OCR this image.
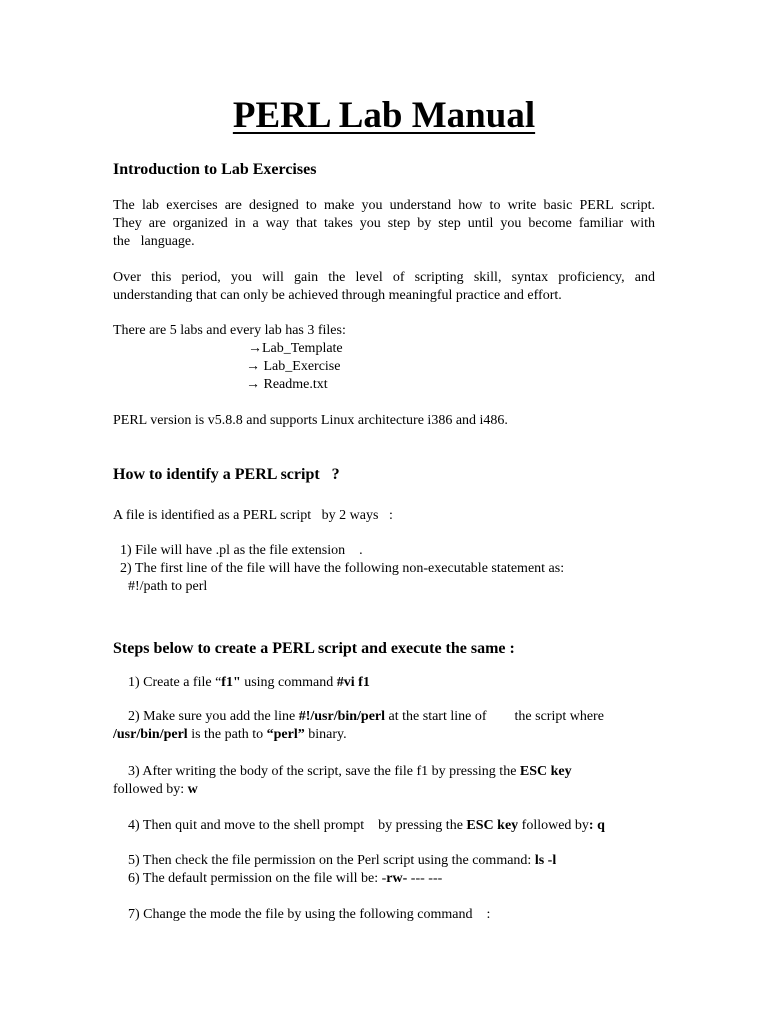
PERL Lab Manual
Introduction to Lab Exercises
The lab exercises are designed to make you understand how to write basic PERL script.
They are organized in a way that takes you step by step until you become familiar with
the   language.
Over this period, you will gain the level of scripting skill, syntax proficiency, and
understanding that can only be achieved through meaningful practice and effort.
There are 5 labs and every lab has 3 files:
→Lab_Template
→ Lab_Exercise
→ Readme.txt
PERL version is v5.8.8 and supports Linux architecture i386 and i486.
How to identify a PERL script   ?
A file is identified as a PERL script   by 2 ways   :
1) File will have .pl as the file extension    .
2) The first line of the file will have the following non-executable statement as:
#!/path to perl
Steps below to create a PERL script and execute the same :
1) Create a file “f1" using command #vi f1
2) Make sure you add the line #!/usr/bin/perl at the start line of        the script where
/usr/bin/perl is the path to “perl” binary.
3) After writing the body of the script, save the file f1 by pressing the ESC key
followed by: w
4) Then quit and move to the shell prompt    by pressing the ESC key followed by: q
5) Then check the file permission on the Perl script using the command: ls -l
6) The default permission on the file will be: -rw- --- ---
7) Change the mode the file by using the following command    :
